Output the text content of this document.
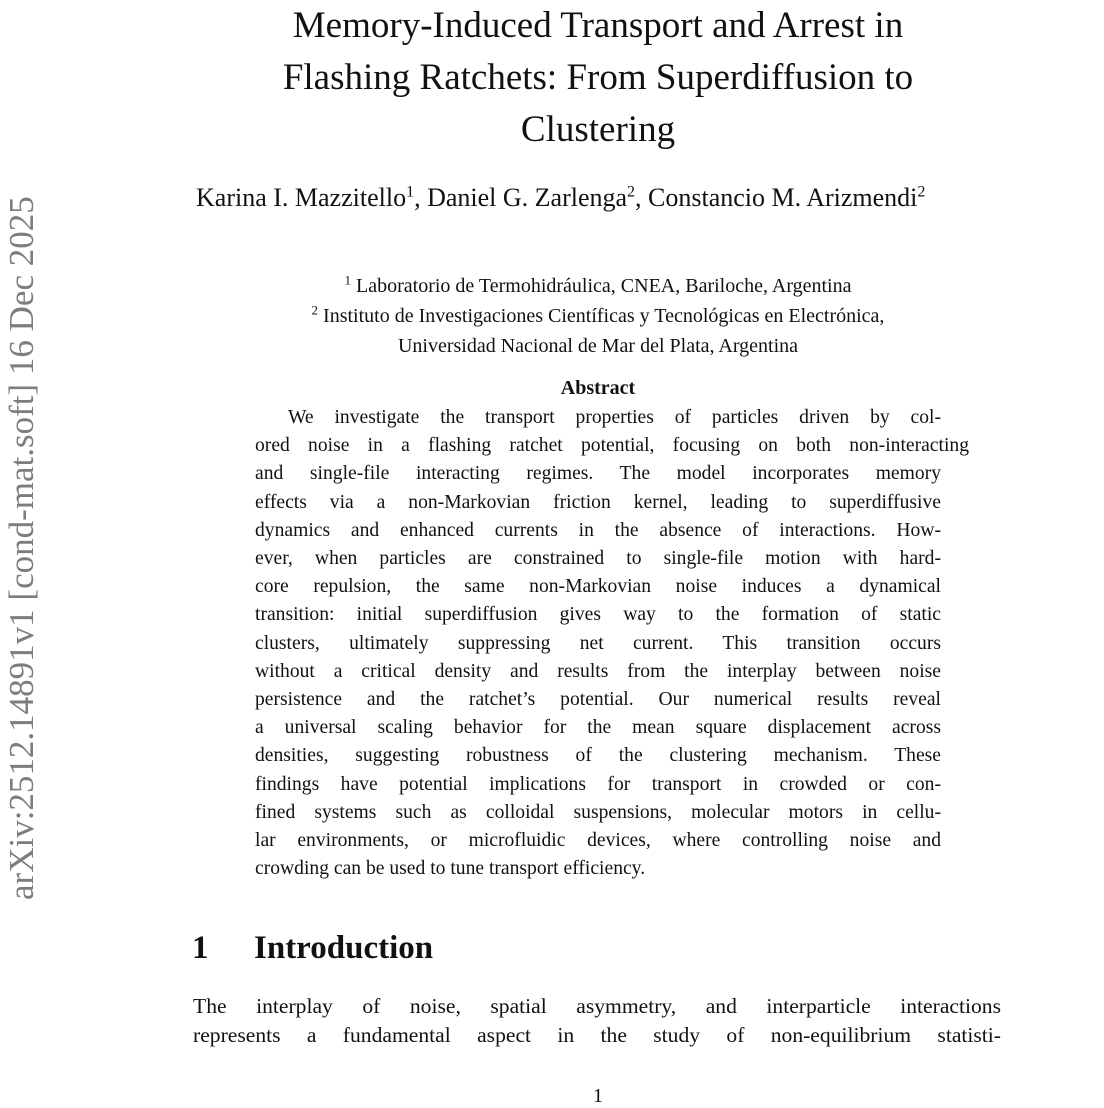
arXiv:2512.14891v1 [cond-mat.soft] 16 Dec 2025
Memory-Induced Transport and Arrest in
Flashing Ratchets: From Superdiffusion to
Clustering
Karina I. Mazzitello$^1$, Daniel G. Zarlenga$^2$, Constancio M. Arizmendi$^2$
$^1$ Laboratorio de Termohidráulica, CNEA, Bariloche, Argentina
$^2$ Instituto de Investigaciones Científicas y Tecnológicas en Electrónica,
Universidad Nacional de Mar del Plata, Argentina
Abstract
We investigate the transport properties of particles driven by col-
ored noise in a flashing ratchet potential, focusing on both non-interacting
and single-file interacting regimes. The model incorporates memory
effects via a non-Markovian friction kernel, leading to superdiffusive
dynamics and enhanced currents in the absence of interactions. How-
ever, when particles are constrained to single-file motion with hard-
core repulsion, the same non-Markovian noise induces a dynamical
transition: initial superdiffusion gives way to the formation of static
clusters, ultimately suppressing net current. This transition occurs
without a critical density and results from the interplay between noise
persistence and the ratchet’s potential. Our numerical results reveal
a universal scaling behavior for the mean square displacement across
densities, suggesting robustness of the clustering mechanism. These
findings have potential implications for transport in crowded or con-
fined systems such as colloidal suspensions, molecular motors in cellu-
lar environments, or microfluidic devices, where controlling noise and
crowding can be used to tune transport efficiency.
1 Introduction
The interplay of noise, spatial asymmetry, and interparticle interactions
represents a fundamental aspect in the study of non-equilibrium statisti-
1
